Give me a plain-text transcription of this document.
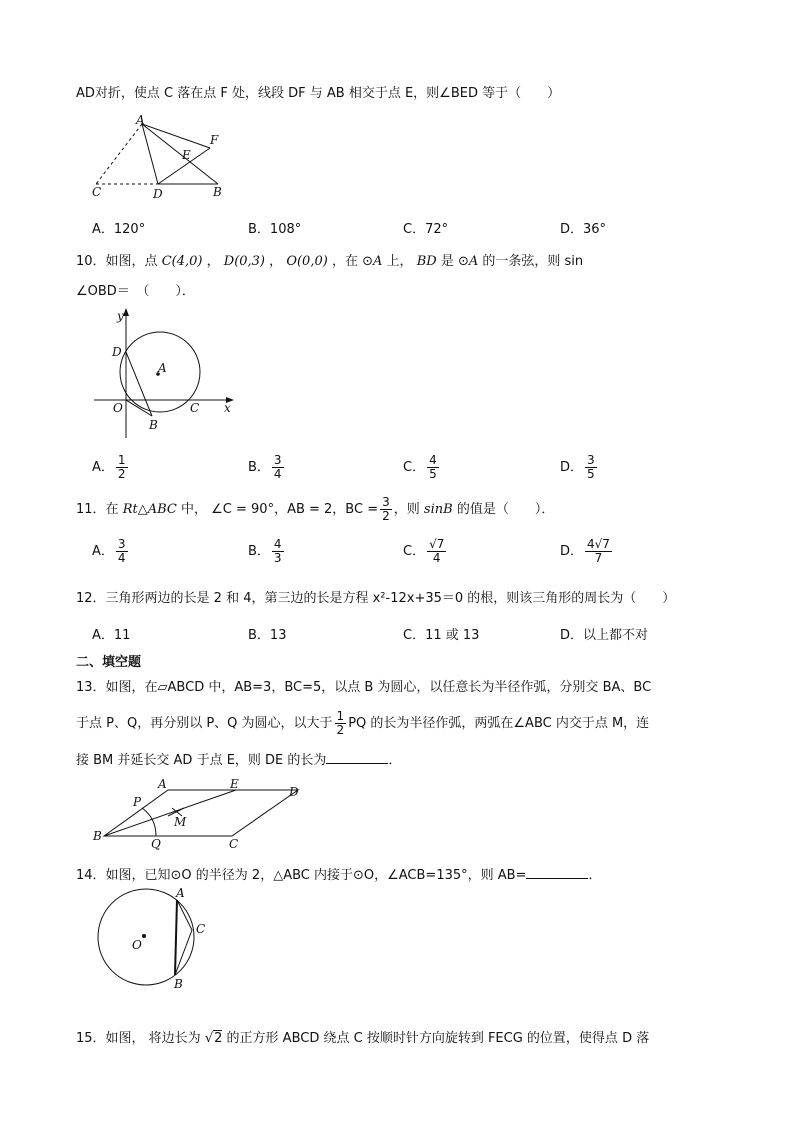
AD对折，使点 C 落在点 F 处，线段 DF 与 AB 相交于点 E，则∠BED 等于（　　）
A
F
E
C	D	B
A．120°	B．108°	C．72°	D．36°
10．如图，点 C(4,0) ， D(0,3) ， O(0,0) ，在 ⊙A 上， BD 是 ⊙A 的一条弦，则 sin
∠OBD＝　（　　）．
y
x
D
A
O	C
B
A． $\frac{1}{2}$	B． $\frac{3}{4}$	C． $\frac{4}{5}$	D． $\frac{3}{5}$
11．在 Rt△ABC 中， ∠C = 90°，AB = 2，BC = $\frac{3}{2}$ ，则 sinB 的值是（　　）．
A． $\frac{3}{4}$	B． $\frac{4}{3}$	C． $\frac{√7}{4}$	D． $\frac{4√7}{7}$
12．三角形两边的长是 2 和 4，第三边的长是方程 x²-12x+35＝0 的根，则该三角形的周长为（　　）
A．11	B．13	C．11 或 13	D．以上都不对
二、填空题
13．如图，在▱ABCD 中，AB=3，BC=5，以点 B 为圆心，以任意长为半径作弧，分别交 BA、BC
于点 P、Q，再分别以 P、Q 为圆心，以大于 $\frac{1}{2}$ PQ 的长为半径作弧，两弧在∠ABC 内交于点 M，连
接 BM 并延长交 AD 于点 E，则 DE 的长为	．
A	E
D
P
M
B
Q	C
14．如图，已知⊙O 的半径为 2，△ABC 内接于⊙O，∠ACB=135°，则 AB=	．
A
C
O
B
15．如图， 将边长为 √2 的正方形 ABCD 绕点 C 按顺时针方向旋转到 FECG 的位置，使得点 D 落
